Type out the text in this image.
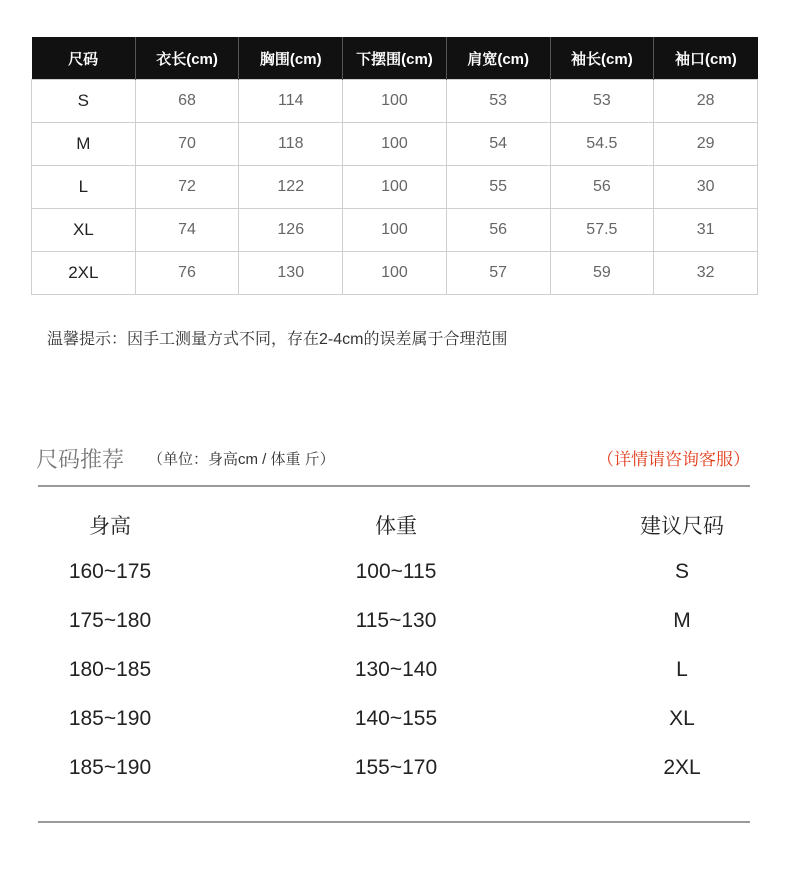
尺码	衣长(cm)	胸围(cm)	下摆围(cm)	肩宽(cm)	袖长(cm)	袖口(cm)
S	68	114	100	53	53	28
M	70	118	100	54	54.5	29
L	72	122	100	55	56	30
XL	74	126	100	56	57.5	31
2XL	76	130	100	57	59	32
温馨提示：因手工测量方式不同，存在2-4cm的误差属于合理范围
尺码推荐 （单位：身高cm / 体重 斤）	（详情请咨询客服）
身高	体重	建议尺码
160~175	100~115	S
175~180	115~130	M
180~185	130~140	L
185~190	140~155	XL
185~190	155~170	2XL
